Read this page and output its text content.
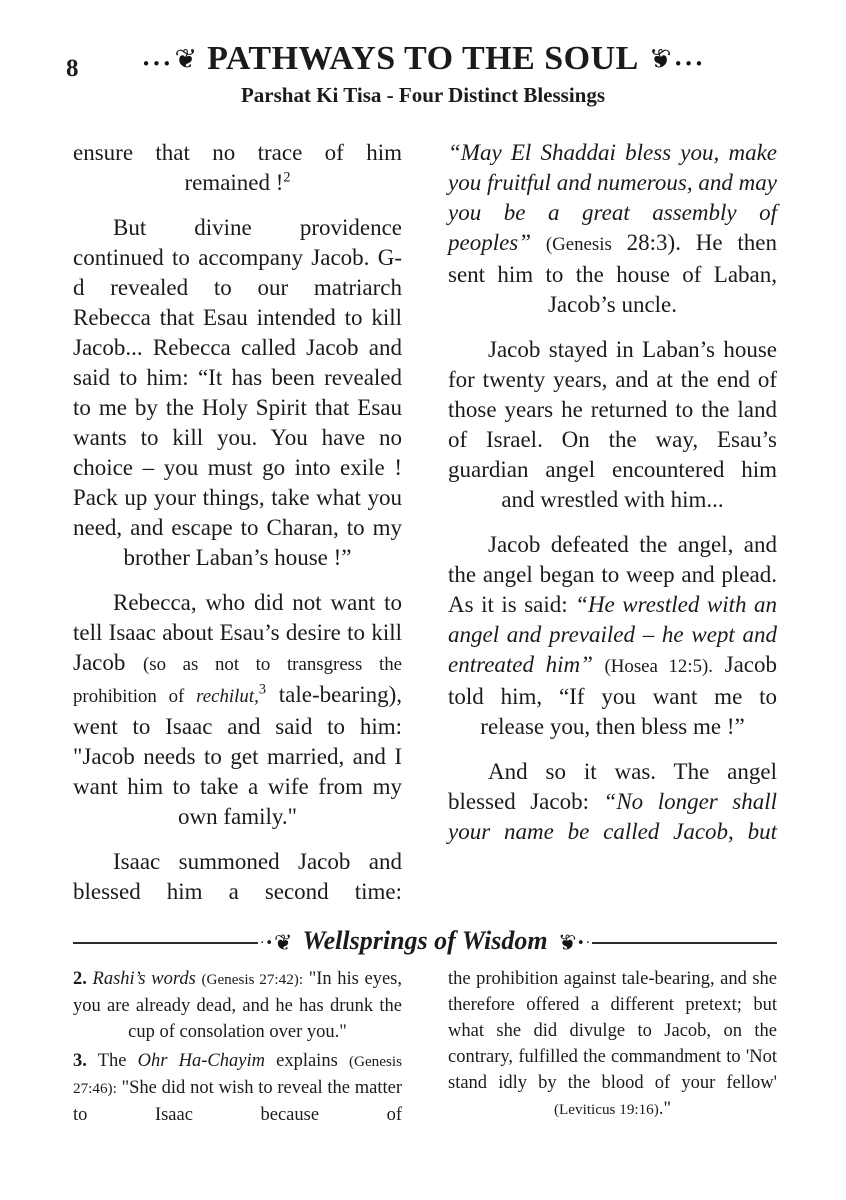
8	∙∙∙ ❦ PATHWAYS TO THE SOUL ❦ ∙∙∙
Parshat Ki Tisa - Four Distinct Blessings

ensure that no trace of him remained !$^2$

But divine providence continued to accompany Jacob. G-d revealed to our matriarch Rebecca that Esau intended to kill Jacob... Rebecca called Jacob and said to him: “It has been revealed to me by the Holy Spirit that Esau wants to kill you. You have no choice – you must go into exile ! Pack up your things, take what you need, and escape to Charan, to my brother Laban’s house !”

Rebecca, who did not want to tell Isaac about Esau’s desire to kill Jacob (so as not to transgress the prohibition of rechilut,$^3$ tale-bearing), went to Isaac and said to him: "Jacob needs to get married, and I want him to take a wife from my own family."

Isaac summoned Jacob and blessed him a second time:

“May El Shaddai bless you, make you fruitful and numerous, and may you be a great assembly of peoples” (Genesis 28:3). He then sent him to the house of Laban, Jacob’s uncle.

Jacob stayed in Laban’s house for twenty years, and at the end of those years he returned to the land of Israel. On the way, Esau’s guardian angel encountered him and wrestled with him...

Jacob defeated the angel, and the angel began to weep and plead. As it is said: “He wrestled with an angel and prevailed – he wept and entreated him” (Hosea 12:5). Jacob told him, “If you want me to release you, then bless me !”

And so it was. The angel blessed Jacob: “No longer shall your name be called Jacob, but

·• ❦ Wellsprings of Wisdom ❦ ·•

2. Rashi’s words (Genesis 27:42): "In his eyes, you are already dead, and he has drunk the cup of consolation over you."

3. The Ohr Ha-Chayim explains (Genesis 27:46): "She did not wish to reveal the matter to Isaac because of

the prohibition against tale-bearing, and she therefore offered a different pretext; but what she did divulge to Jacob, on the contrary, fulfilled the commandment to 'Not stand idly by the blood of your fellow' (Leviticus 19:16)."
